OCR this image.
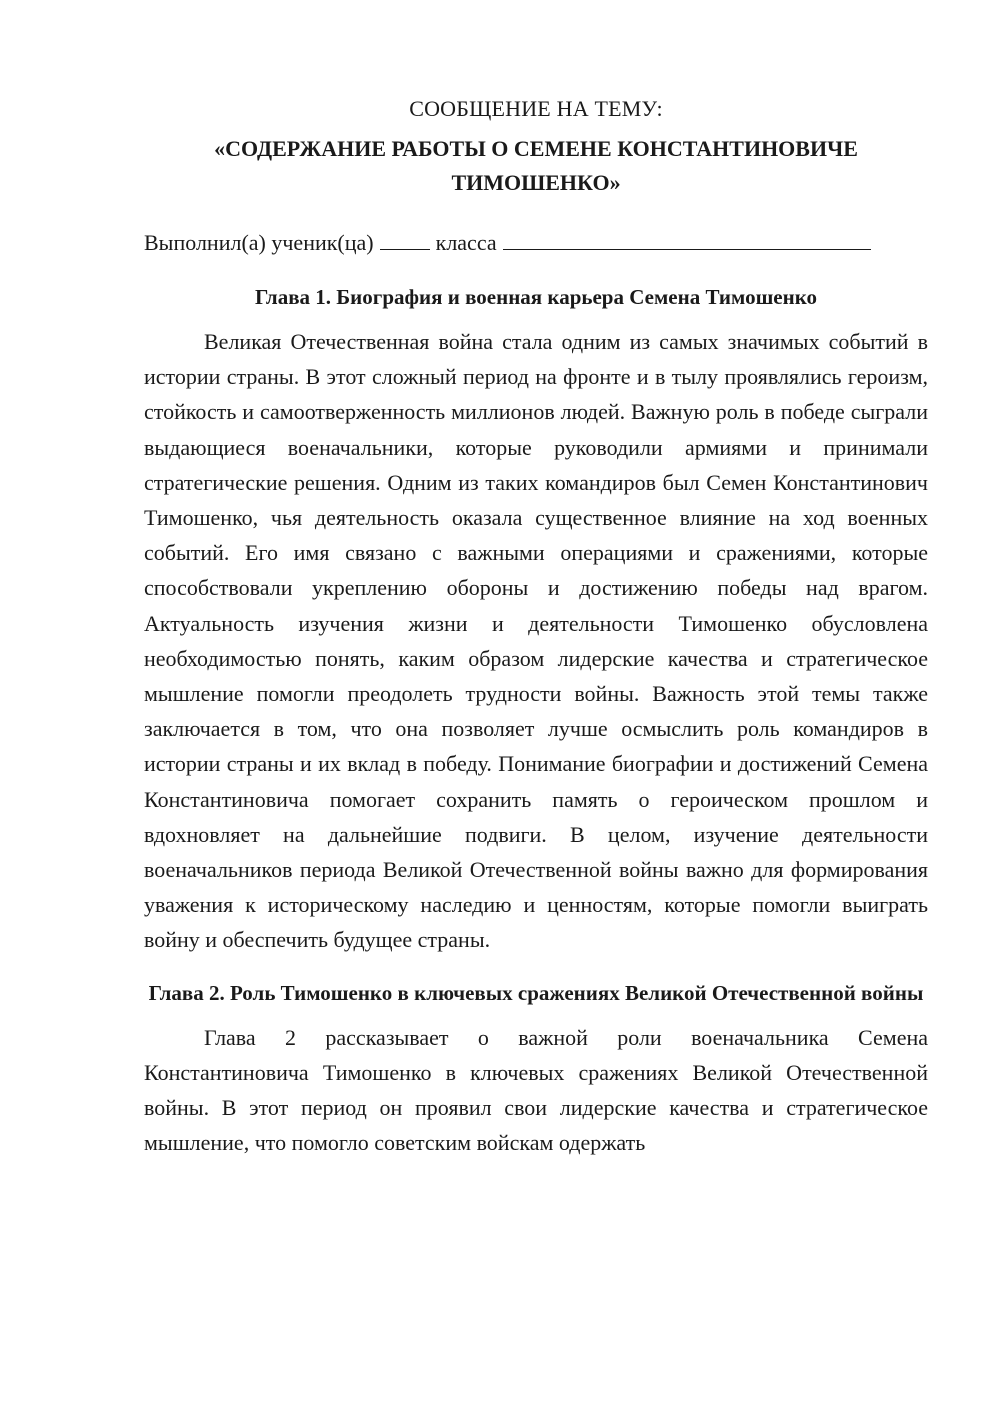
СООБЩЕНИЕ НА ТЕМУ:
«СОДЕРЖАНИЕ РАБОТЫ О СЕМЕНЕ КОНСТАНТИНОВИЧЕ ТИМОШЕНКО»
Выполнил(а) ученик(ца)	класса
Глава 1. Биография и военная карьера Семена Тимошенко

Великая Отечественная война стала одним из самых значимых событий в истории страны. В этот сложный период на фронте и в тылу проявлялись героизм, стойкость и самоотверженность миллионов людей. Важную роль в победе сыграли выдающиеся военачальники, которые руководили армиями и принимали стратегические решения. Одним из таких командиров был Семен Константинович Тимошенко, чья деятельность оказала существенное влияние на ход военных событий. Его имя связано с важными операциями и сражениями, которые способствовали укреплению обороны и достижению победы над врагом. Актуальность изучения жизни и деятельности Тимошенко обусловлена необходимостью понять, каким образом лидерские качества и стратегическое мышление помогли преодолеть трудности войны. Важность этой темы также заключается в том, что она позволяет лучше осмыслить роль командиров в истории страны и их вклад в победу. Понимание биографии и достижений Семена Константиновича помогает сохранить память о героическом прошлом и вдохновляет на дальнейшие подвиги. В целом, изучение деятельности военачальников периода Великой Отечественной войны важно для формирования уважения к историческому наследию и ценностям, которые помогли выиграть войну и обеспечить будущее страны.

Глава 2. Роль Тимошенко в ключевых сражениях Великой Отечественной войны

Глава 2 рассказывает о важной роли военачальника Семена Константиновича Тимошенко в ключевых сражениях Великой Отечественной войны. В этот период он проявил свои лидерские качества и стратегическое мышление, что помогло советским войскам одержать
